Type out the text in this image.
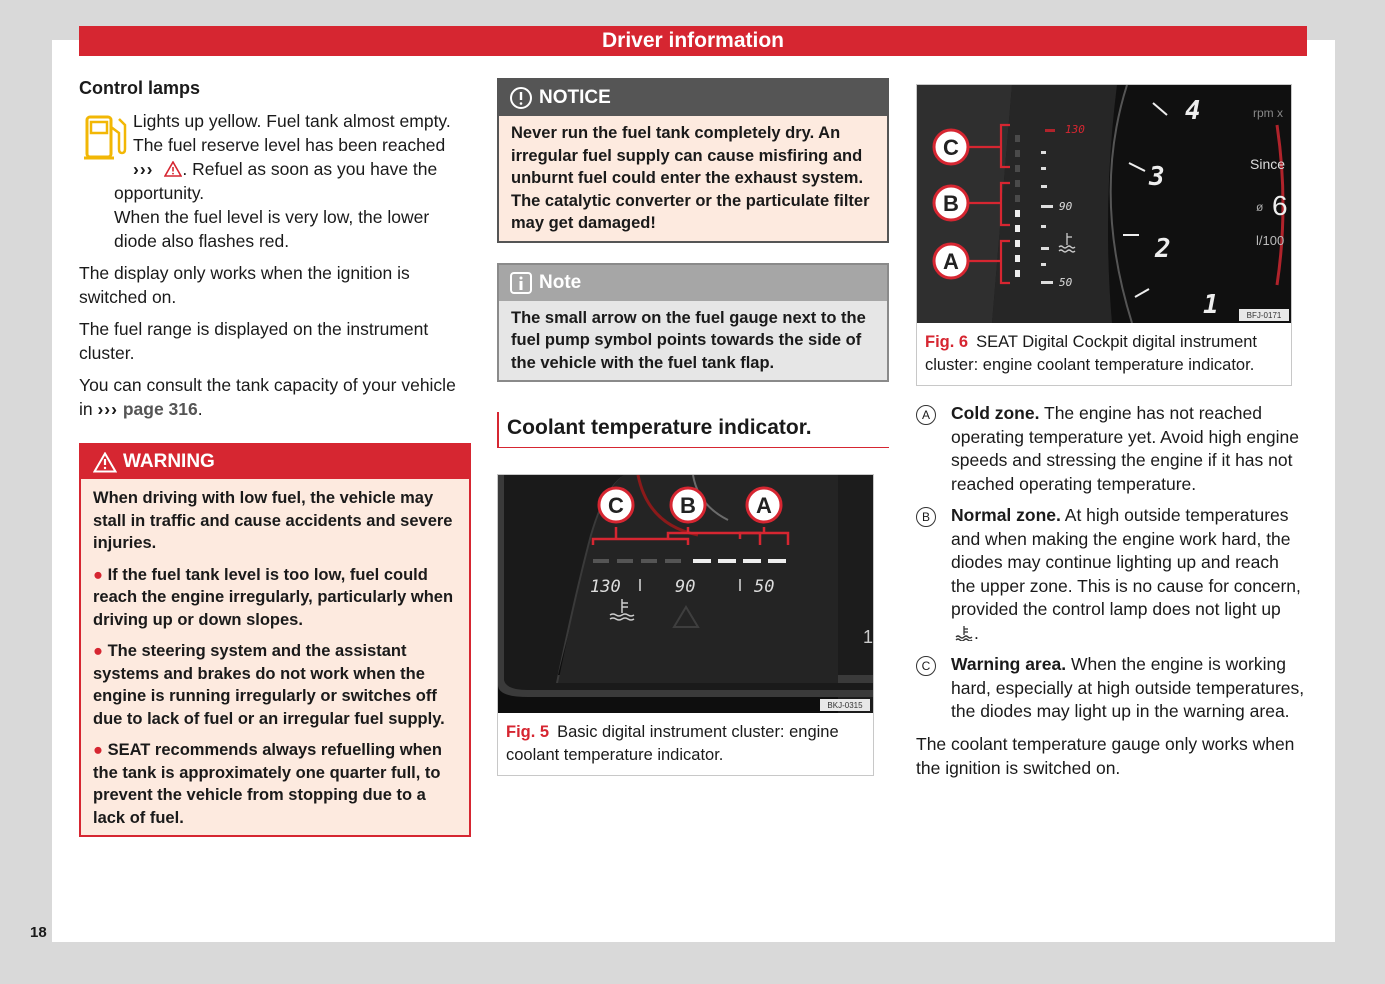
Driver information
18
Control lamps
Lights up yellow. Fuel tank almost empty.
The fuel reserve level has been reached
››› . Refuel as soon as you have the
opportunity.
When the fuel level is very low, the lower diode also flashes red.
The display only works when the ignition is switched on.
The fuel range is displayed on the instrument cluster.
You can consult the tank capacity of your vehicle in ››› page 316.
WARNING

When driving with low fuel, the vehicle may stall in traffic and cause accidents and severe injuries.

● If the fuel tank level is too low, fuel could reach the engine irregularly, particularly when driving up or down slopes.

● The steering system and the assistant systems and brakes do not work when the engine is running irregularly or switches off due to lack of fuel or an irregular fuel supply.

● SEAT recommends always refuelling when the tank is approximately one quarter full, to prevent the vehicle from stopping due to a lack of fuel.

NOTICE
Never run the fuel tank completely dry. An irregular fuel supply can cause misfiring and unburnt fuel could enter the exhaust system. The catalytic converter or the particulate filter may get damaged!
Note
The small arrow on the fuel gauge next to the fuel pump symbol points towards the side of the vehicle with the fuel tank flap.
Coolant temperature indicator.
C	B	A
130	90	50
1
BKJ-0315
Fig. 5 Basic digital instrument cluster: engine coolant temperature indicator.
130
90
50
C
B
A
4
3
2
1
rpm x
Since
ø 6
l/100
BFJ-0171
Fig. 6 SEAT Digital Cockpit digital instrument cluster: engine coolant temperature indicator.
A	Cold zone. The engine has not reached operating temperature yet. Avoid high engine speeds and stressing the engine if it has not reached operating temperature.
B	Normal zone. At high outside temperatures and when making the engine work hard, the diodes may continue lighting up and reach the upper zone. This is no cause for concern, provided the control lamp does not light up .
C	Warning area. When the engine is working hard, especially at high outside temperatures, the diodes may light up in the warning area.
The coolant temperature gauge only works when the ignition is switched on.
